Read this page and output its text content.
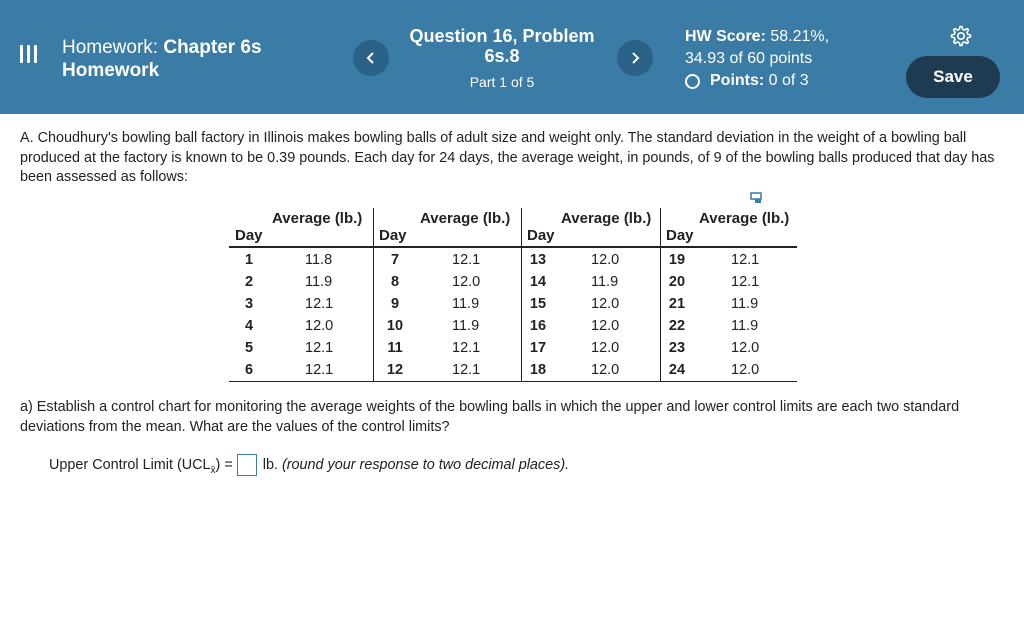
Homework: Chapter 6s
Homework
Question 16, Problem
6s.8
Part 1 of 5
HW Score: 58.21%,
34.93 of 60 points
Points:
0 of 3	Save
A. Choudhury's bowling ball factory in Illinois makes bowling balls of adult size and weight only. The standard deviation in the weight of a bowling ball produced at the factory is known to be 0.39 pounds. Each day for 24 days, the average weight, in pounds, of 9 of the bowling balls produced that day has been assessed as follows:
Day
Average (lb.)
1	11.8
2	11.9
3	12.1
4	12.0
5	12.1
6	12.1
Day
Average (lb.)
7	12.1
8	12.0
9	11.9
10	11.9
11	12.1
12	12.1
Day
Average (lb.)
13	12.0
14	11.9
15	12.0
16	12.0
17	12.0
18	12.0
Day
Average (lb.)
19	12.1
20	12.1
21	11.9
22	11.9
23	12.0
24	12.0
a) Establish a control chart for monitoring the average weights of the bowling balls in which the upper and lower control limits are each two standard deviations from the mean. What are the values of the control limits?
Upper Control Limit (UCL x̄ ) = lb. (round your response to two decimal places).
